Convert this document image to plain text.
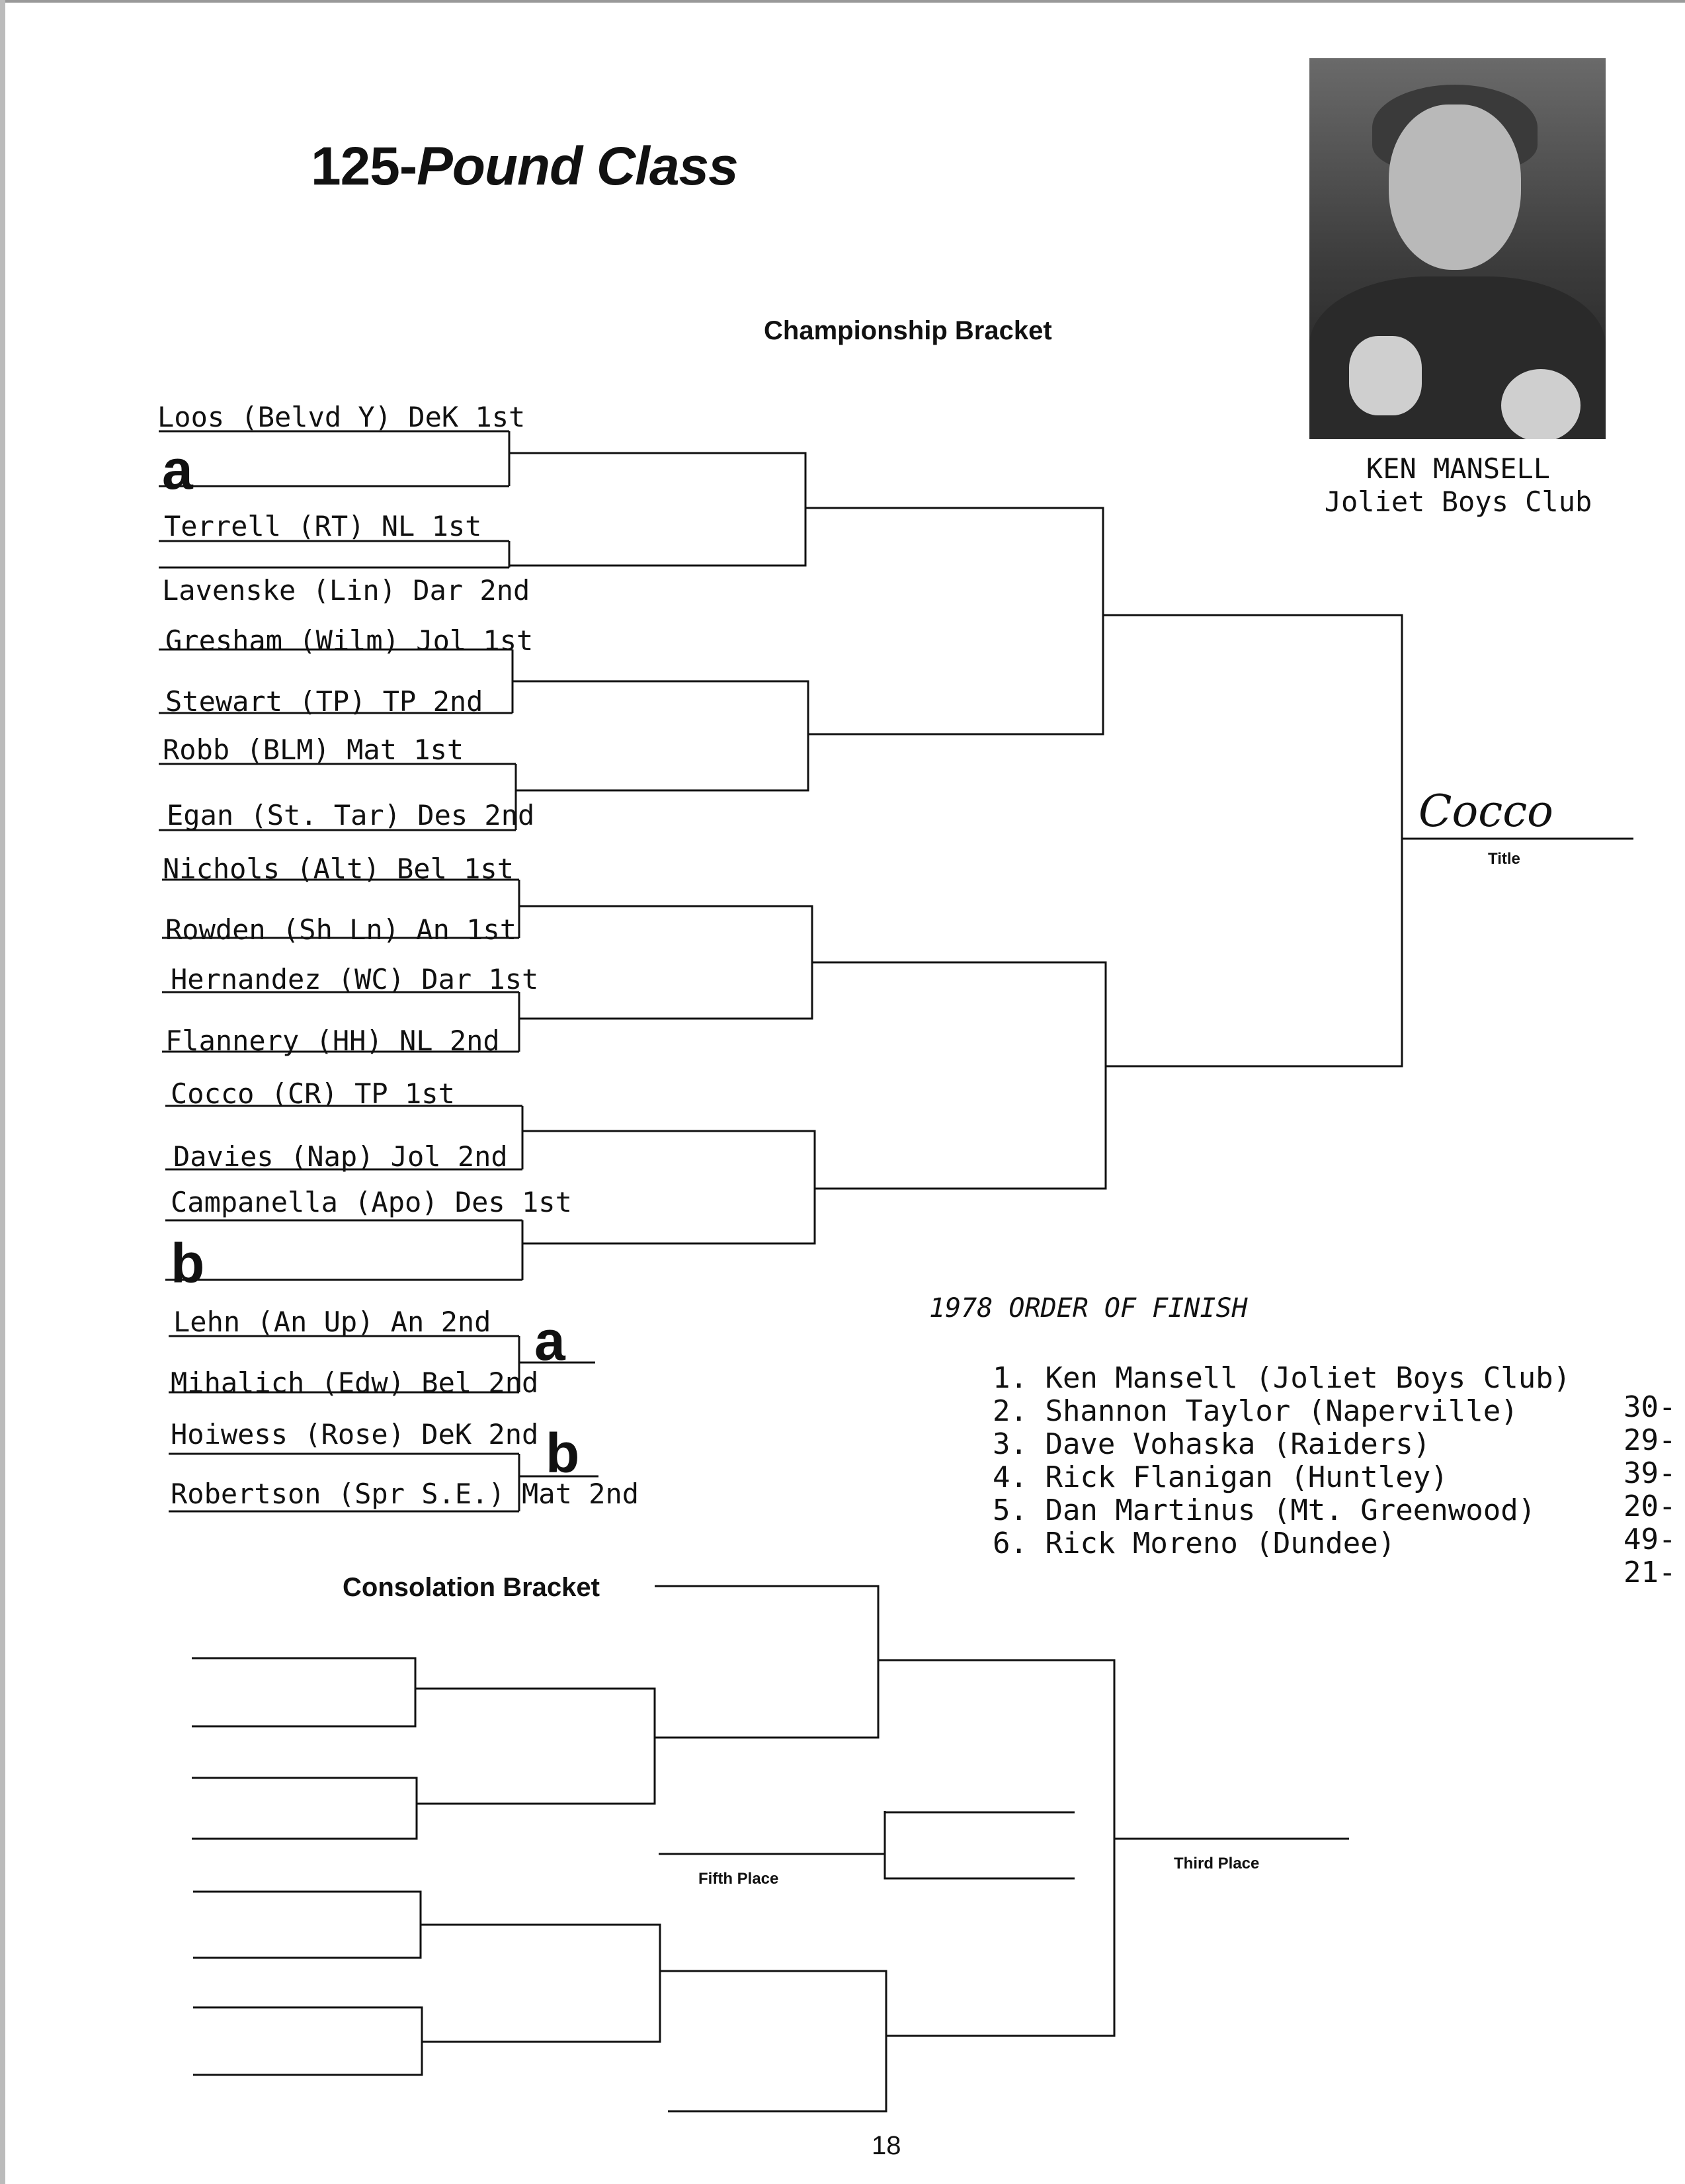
125-Pound Class
KEN MANSELL
Joliet Boys Club
Championship Bracket
Loos (Belvd Y) DeK 1st
a
Terrell (RT) NL 1st
Lavenske (Lin) Dar 2nd
Gresham (Wilm) Jol 1st
Stewart (TP) TP 2nd
Robb (BLM) Mat 1st
Egan (St. Tar) Des 2nd
Nichols (Alt) Bel 1st
Rowden (Sh Ln) An 1st
Hernandez (WC) Dar 1st
Flannery (HH) NL 2nd
Cocco (CR) TP 1st
Davies (Nap) Jol 2nd
Campanella (Apo) Des 1st
b
Cocco
Title
Lehn (An Up) An 2nd a
Mihalich (Edw) Bel 2nd
Hoiwess (Rose) DeK 2nd b
Robertson (Spr S.E.) Mat 2nd
1978 ORDER OF FINISH

1. Ken Mansell (Joliet Boys Club)

30-

2. Shannon Taylor (Naperville)

29-

3. Dave Vohaska (Raiders)

39-

4. Rick Flanigan (Huntley)

20-

5. Dan Martinus (Mt. Greenwood)

49-

6. Rick Moreno (Dundee)

21-

Consolation Bracket
Fifth Place
Third Place
18
